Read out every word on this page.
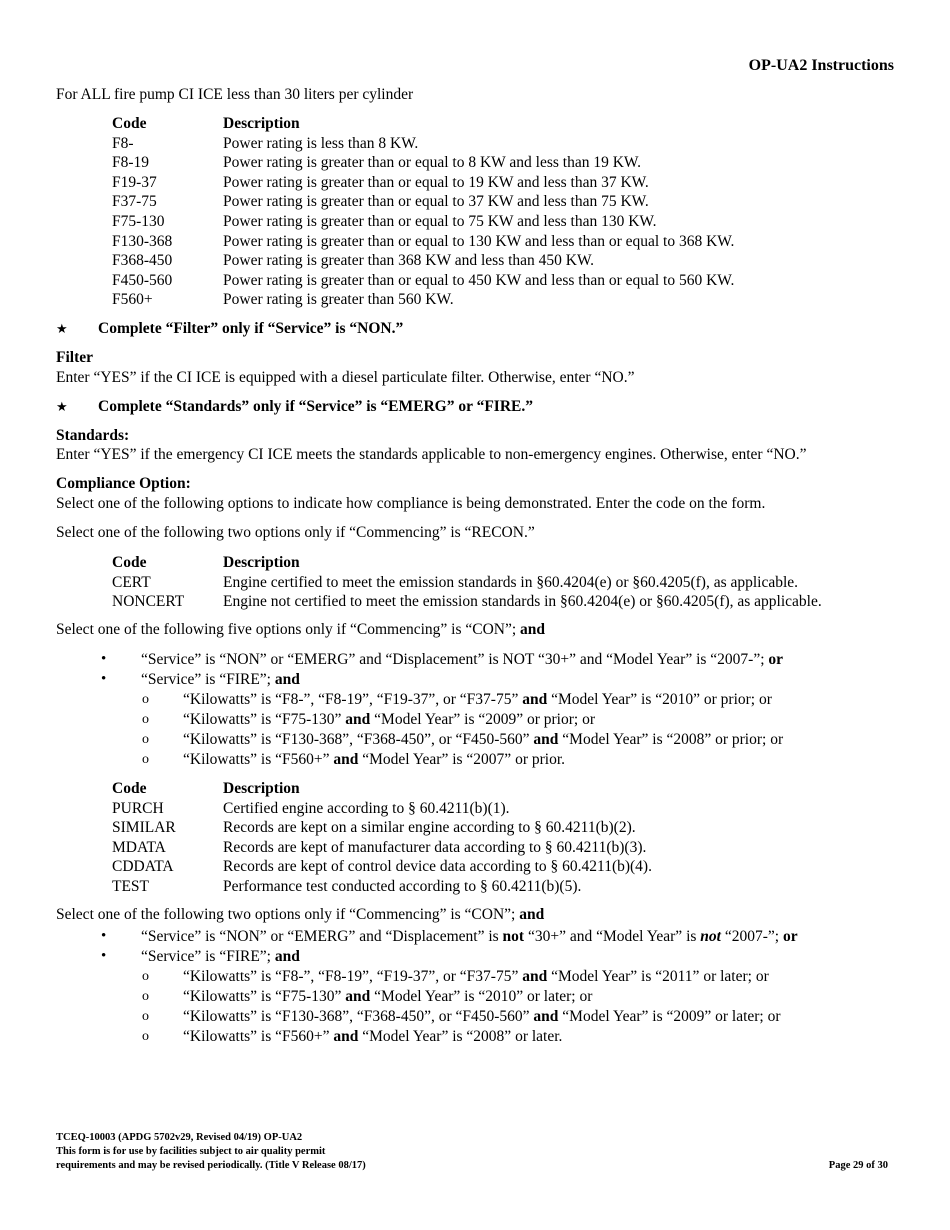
OP-UA2 Instructions
For ALL fire pump CI ICE less than 30 liters per cylinder
Code	Description
F8-	Power rating is less than 8 KW.
F8-19	Power rating is greater than or equal to 8 KW and less than 19 KW.
F19-37	Power rating is greater than or equal to 19 KW and less than 37 KW.
F37-75	Power rating is greater than or equal to 37 KW and less than 75 KW.
F75-130	Power rating is greater than or equal to 75 KW and less than 130 KW.
F130-368	Power rating is greater than or equal to 130 KW and less than or equal to 368 KW.
F368-450	Power rating is greater than 368 KW and less than 450 KW.
F450-560	Power rating is greater than or equal to 450 KW and less than or equal to 560 KW.
F560+	Power rating is greater than 560 KW.
★ Complete “Filter” only if “Service” is “NON.”
Filter
Enter “YES” if the CI ICE is equipped with a diesel particulate filter. Otherwise, enter “NO.”
★ Complete “Standards” only if “Service” is “EMERG” or “FIRE.”
Standards:
Enter “YES” if the emergency CI ICE meets the standards applicable to non-emergency engines. Otherwise, enter “NO.”
Compliance Option:
Select one of the following options to indicate how compliance is being demonstrated. Enter the code on the form.
Select one of the following two options only if “Commencing” is “RECON.”
Code	Description
CERT	Engine certified to meet the emission standards in §60.4204(e) or §60.4205(f), as applicable.
NONCERT Engine not certified to meet the emission standards in §60.4204(e) or §60.4205(f), as applicable.
Select one of the following five options only if “Commencing” is “CON”; and
• “Service” is “NON” or “EMERG” and “Displacement” is NOT “30+” and “Model Year” is “2007-”; or
• “Service” is “FIRE”; and
o “Kilowatts” is “F8-”, “F8-19”, “F19-37”, or “F37-75” and “Model Year” is “2010” or prior; or
o “Kilowatts” is “F75-130” and “Model Year” is “2009” or prior; or
o “Kilowatts” is “F130-368”, “F368-450”, or “F450-560” and “Model Year” is “2008” or prior; or
o “Kilowatts” is “F560+” and “Model Year” is “2007” or prior.
Code	Description
PURCH	Certified engine according to § 60.4211(b)(1).
SIMILAR	Records are kept on a similar engine according to § 60.4211(b)(2).
MDATA	Records are kept of manufacturer data according to § 60.4211(b)(3).
CDDATA	Records are kept of control device data according to § 60.4211(b)(4).
TEST	Performance test conducted according to § 60.4211(b)(5).
Select one of the following two options only if “Commencing” is “CON”; and
• “Service” is “NON” or “EMERG” and “Displacement” is not “30+” and “Model Year” is not “2007-”; or
• “Service” is “FIRE”; and
o “Kilowatts” is “F8-”, “F8-19”, “F19-37”, or “F37-75” and “Model Year” is “2011” or later; or
o “Kilowatts” is “F75-130” and “Model Year” is “2010” or later; or
o “Kilowatts” is “F130-368”, “F368-450”, or “F450-560” and “Model Year” is “2009” or later; or
o “Kilowatts” is “F560+” and “Model Year” is “2008” or later.
TCEQ-10003 (APDG 5702v29, Revised 04/19) OP-UA2
This form is for use by facilities subject to air quality permit
requirements and may be revised periodically. (Title V Release 08/17)	Page 29 of 30
